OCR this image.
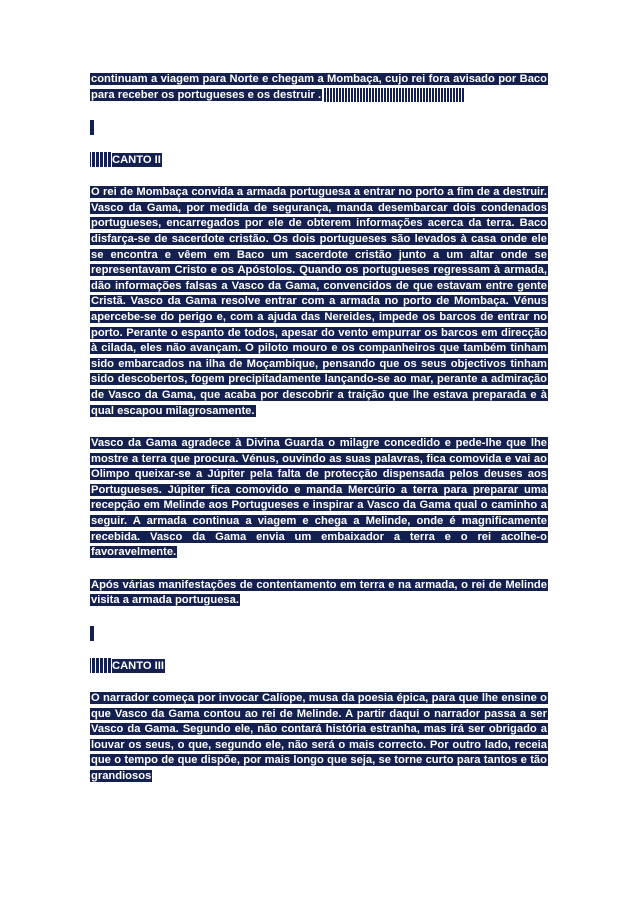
continuam a viagem para Norte e chegam a Mombaça, cujo rei fora avisado por Baco para receber os portugueses e os destruir .

CANTO II

O rei de Mombaça convida a armada portuguesa a entrar no porto a fim de a destruir. Vasco da Gama, por medida de segurança, manda desembarcar dois condenados portugueses, encarregados por ele de obterem informações acerca da terra. Baco disfarça-se de sacerdote cristão. Os dois portugueses são levados à casa onde ele se encontra e vêem em Baco um sacerdote cristão junto a um altar onde se representavam Cristo e os Apóstolos. Quando os portugueses regressam à armada, dão informações falsas a Vasco da Gama, convencidos de que estavam entre gente Cristã. Vasco da Gama resolve entrar com a armada no porto de Mombaça. Vénus apercebe-se do perigo e, com a ajuda das Nereides, impede os barcos de entrar no porto. Perante o espanto de todos, apesar do vento empurrar os barcos em direcção à cilada, eles não avançam. O piloto mouro e os companheiros que também tinham sido embarcados na ilha de Moçambique, pensando que os seus objectivos tinham sido descobertos, fogem precipitadamente lançando-se ao mar, perante a admiração de Vasco da Gama, que acaba por descobrir a traição que lhe estava preparada e à qual escapou milagrosamente.

Vasco da Gama agradece à Divina Guarda o milagre concedido e pede-lhe que lhe mostre a terra que procura. Vénus, ouvindo as suas palavras, fica comovida e vai ao Olimpo queixar-se a Júpiter pela falta de protecção dispensada pelos deuses aos Portugueses. Júpiter fica comovido e manda Mercúrio a terra para preparar uma recepção em Melinde aos Portugueses e inspirar a Vasco da Gama qual o caminho a seguir. A armada continua a viagem e chega a Melinde, onde é magnificamente recebida. Vasco da Gama envia um embaixador a terra e o rei acolhe-o favoravelmente.

Após várias manifestações de contentamento em terra e na armada, o rei de Melinde visita a armada portuguesa.

CANTO III

O narrador começa por invocar Calíope, musa da poesia épica, para que lhe ensine o que Vasco da Gama contou ao rei de Melinde. A partir daqui o narrador passa a ser Vasco da Gama. Segundo ele, não contará história estranha, mas irá ser obrigado a louvar os seus, o que, segundo ele, não será o mais correcto. Por outro lado, receia que o tempo de que dispõe, por mais longo que seja, se torne curto para tantos e tão grandiosos
